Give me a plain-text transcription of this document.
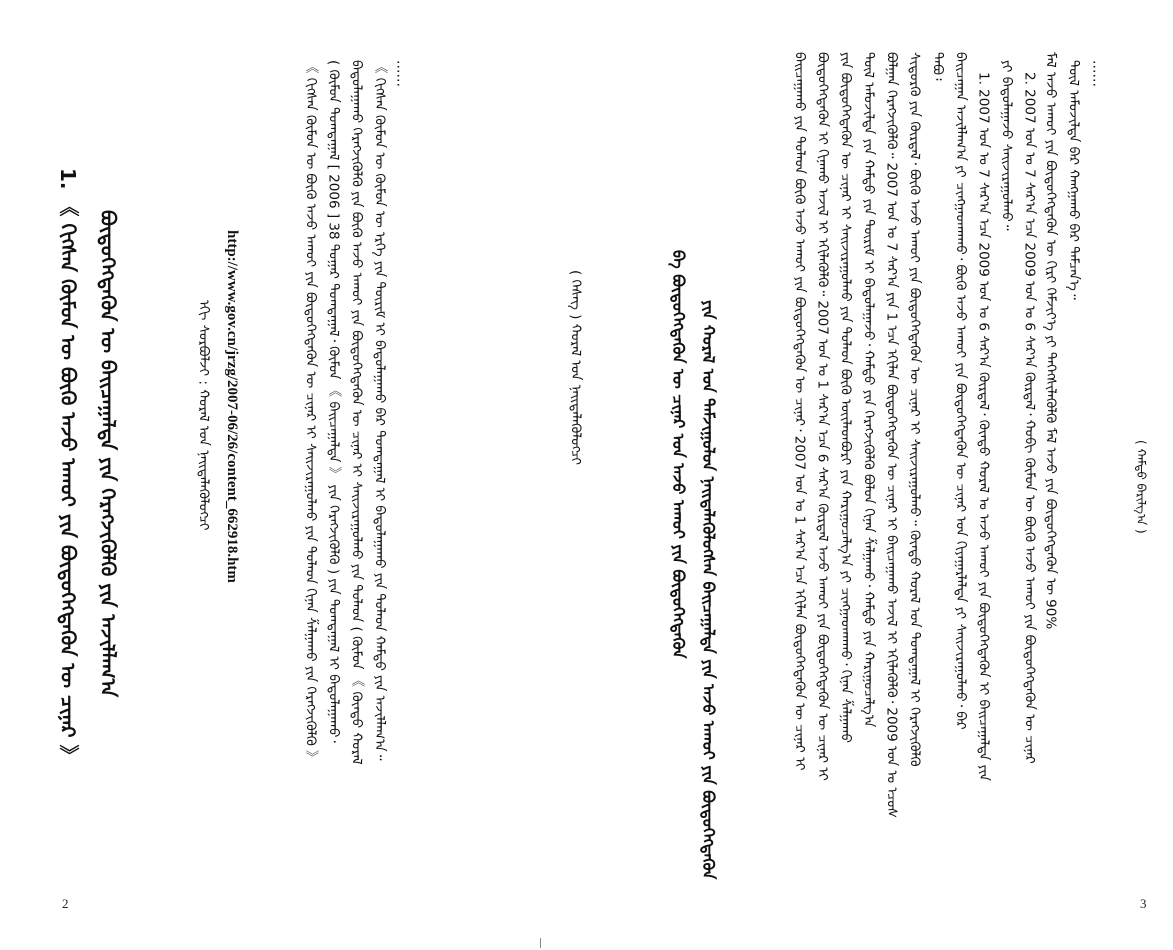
( ᠬᠠᠮᠲᠤ ᠪᠠᠷᠢᠯᠭ᠎ᠠ )
……
ᠲᠦᠯ ᠠᠮᠤᠵᠢᠯᠲᠠ ᠪᠡᠷ ᠬᠠᠩᠭᠠᠬᠤ ᠪᠡᠷ ᠲᠡᠮᠴᠡᠨ᠎ᠡ᠃
ᠮᠠᠯ ᠠᠵᠤ ᠠᠬᠤᠢ ᠶᠢᠨ ᠪᠦᠲᠦᠭᠡᠭᠳᠡᠬᠦᠨ ᠦ ᠬᠢᠷᠢ ᠬᠡᠮᠵᠢᠶ᠎ᠡ ᠶᠢ ᠳᠡᠭᠡᠭᠰᠢᠯᠡᠭᠦᠯᠬᠦ ᠮᠠᠯ ᠠᠵᠤ ᠶᠢᠨ ᠪᠦᠲᠦᠭᠡᠭᠳᠡᠬᠦᠨ ᠦ 90%
2. 2007 ᠣᠨ ᠤ 7 ᠰᠠᠷ᠎ᠠ ᠡᠴᠡ 2009 ᠣᠨ ᠤ 6 ᠰᠠᠷ᠎ᠠ ᠬᠦᠷᠲᠡᠯ᠂ ᠬᠤᠪᠢ ᠬᠦᠮᠦᠨ ᠦ ᠪᠦᠬᠦ ᠠᠵᠤ ᠠᠬᠤᠢ ᠶᠢᠨ ᠪᠦᠲᠦᠭᠡᠭᠳᠡᠬᠦᠨ ᠦ ᠴᠢᠨᠠᠷ
ᠶᠢ ᠪᠠᠲᠤᠯᠠᠭᠠᠵᠤ ᠰᠠᠢᠵᠢᠷᠠᠭᠤᠯᠬᠤ᠃
1. 2007 ᠣᠨ ᠤ 7 ᠰᠠᠷ᠎ᠠ ᠡᠴᠡ 2009 ᠣᠨ ᠤ 6 ᠰᠠᠷ᠎ᠠ ᠬᠦᠷᠲᠡᠯ᠂ ᠬᠦᠨᠳᠦ ᠬᠤᠷᠠᠯ ᠤ ᠠᠵᠤ ᠠᠬᠤᠢ ᠶᠢᠨ ᠪᠦᠲᠦᠭᠡᠭᠳᠡᠬᠦᠨ ᠢ ᠪᠠᠢᠴᠠᠭᠠᠯᠲᠠ ᠶᠢᠨ
ᠪᠠᠢᠴᠠᠭᠠᠨ ᠠᠵᠢᠯᠯᠠᠭ᠎ᠠ ᠶᠢ ᠴᠢᠩᠭᠠᠳᠬᠠᠬᠤ᠂ ᠪᠦᠬᠦ ᠠᠵᠤ ᠠᠬᠤᠢ ᠶᠢᠨ ᠪᠦᠲᠦᠭᠡᠭᠳᠡᠬᠦᠨ ᠦ ᠴᠢᠨᠠᠷ ᠤᠨ ᠬᠢᠶᠠᠭᠠᠷᠯᠠᠯᠲᠠ ᠶᠢ ᠰᠠᠢᠵᠢᠷᠠᠭᠤᠯᠬᠤ᠂ ᠪᠠᠷ
ᠲᠠᠪᠤ᠄
ᠰᠢᠳᠦᠷᠬᠦ ᠶᠢᠨ ᠬᠦᠷᠲᠡᠯ᠂ ᠪᠦᠬᠦ ᠠᠵᠤ ᠠᠬᠤᠢ ᠶᠢᠨ ᠪᠦᠲᠦᠭᠡᠭᠳᠡᠬᠦᠨ ᠦ ᠴᠢᠨᠠᠷ ᠢ ᠰᠠᠢᠵᠢᠷᠠᠭᠤᠯᠬᠤ᠃ ᠬᠦᠨᠳᠦ ᠬᠤᠷᠠᠯ ᠤᠨ ᠲᠤᠭᠳᠠᠭᠠᠯ ᠢ ᠬᠡᠷᠡᠭᠵᠢᠭᠦᠯᠬᠦ
ᠪᠣᠯᠭᠠᠨ ᠬᠡᠷᠡᠭᠵᠢᠭᠦᠯᠬᠦ᠃ 2007 ᠣᠨ ᠤ 7 ᠰᠠᠷ᠎ᠠ ᠶᠢᠨ 1 ᠡᠴᠡ ᠡᠬᠢᠯᠡᠨ ᠪᠦᠲᠦᠭᠡᠭᠳᠡᠬᠦᠨ ᠦ ᠴᠢᠨᠠᠷ ᠢ ᠪᠠᠢᠴᠠᠭᠠᠬᠤ ᠠᠵᠢᠯ ᠢ ᠡᠬᠢᠯᠡᠭᠦᠯᠬᠦ᠂ 2009 ᠣᠨ ᠤ ᠡᠴᠦᠰ
ᠲᠦᠯ ᠠᠮᠤᠵᠢᠯᠲᠠ ᠶᠢᠨ ᠬᠠᠮᠲᠤ ᠶᠢᠨ ᠳᠦᠷᠢᠮ ᠢ ᠪᠠᠲᠤᠯᠠᠭᠠᠵᠤ᠂ ᠬᠠᠮᠲᠤ ᠶᠢᠨ ᠬᠡᠷᠡᠭᠵᠢᠭᠦᠯᠬᠦ ᠪᠤᠯᠤᠨ ᠬᠢᠨᠠᠨ ᠱᠠᠯᠭᠠᠬᠤ᠂ ᠬᠠᠮᠲᠤ ᠶᠢᠨ ᠬᠠᠷᠢᠭᠤᠴᠠᠯᠭ᠎ᠠ
ᠶᠢᠨ ᠪᠦᠲᠦᠭᠡᠭᠳᠡᠬᠦᠨ ᠦ ᠴᠢᠨᠠᠷ ᠢ ᠰᠠᠢᠵᠢᠷᠠᠭᠤᠯᠬᠤ ᠶᠢᠨ ᠲᠤᠯᠠᠳ ᠪᠦᠬᠦ ᠦᠢᠯᠡᠳᠪᠦᠷᠢ ᠶᠢᠨ ᠬᠠᠷᠢᠭᠤᠴᠠᠯᠭ᠎ᠠ ᠶᠢ ᠴᠢᠩᠭᠠᠳᠬᠠᠬᠤ᠂ ᠬᠢᠨᠠᠨ ᠱᠠᠯᠭᠠᠬᠤ
ᠪᠦᠲᠦᠭᠡᠭᠳᠡᠬᠦᠨ ᠢ ᠬᠢᠨᠠᠬᠤ ᠠᠵᠢᠯ ᠢ ᠡᠬᠢᠯᠡᠭᠦᠯᠬᠦ᠃ 2007 ᠣᠨ ᠤ 1 ᠰᠠᠷ᠎ᠠ ᠡᠴᠡ 6 ᠰᠠᠷ᠎ᠠ ᠬᠦᠷᠲᠡᠯ ᠠᠵᠤ ᠠᠬᠤᠢ ᠶᠢᠨ ᠪᠦᠲᠦᠭᠡᠭᠳᠡᠬᠦᠨ ᠦ ᠴᠢᠨᠠᠷ ᠢ
ᠪᠠᠢᠴᠠᠭᠠᠬᠤ ᠶᠢᠨ ᠲᠤᠯᠠᠳ ᠪᠦᠬᠦ ᠠᠵᠤ ᠠᠬᠤᠢ ᠶᠢᠨ ᠪᠦᠲᠦᠭᠡᠭᠳᠡᠬᠦᠨ ᠦ ᠴᠢᠨᠠᠷ᠂ 2007 ᠣᠨ ᠤ 1 ᠰᠠᠷ᠎ᠠ ᠡᠴᠡ ᠡᠬᠢᠯᠡᠨ ᠪᠦᠲᠦᠭᠡᠭᠳᠡᠬᠦᠨ ᠦ ᠴᠢᠨᠠᠷ ᠢ
3
ᠶᠢᠨ ᠬᠤᠷᠠᠯ ᠤᠨ ᠳᠠᠮᠵᠢᠭᠤᠯᠤᠨ ᠨᠡᠢᠲᠡᠯᠡᠭᠦᠯᠦᠭᠰᠡᠨ ᠪᠠᠢᠴᠠᠭᠠᠯᠲᠠ ᠶᠢᠨ ᠠᠵᠤ ᠠᠬᠤᠢ ᠶᠢᠨ ᠪᠦᠲᠦᠭᠡᠭᠳᠡᠬᠦᠨ
ᠪᠠ ᠪᠦᠲᠦᠭᠡᠭᠳᠡᠬᠦᠨ ᠦ ᠴᠢᠨᠠᠷ ᠤᠨ ᠠᠵᠤ ᠠᠬᠤᠢ ᠶᠢᠨ ᠪᠦᠲᠦᠭᠡᠭᠳᠡᠬᠦᠨ
( ᠬᠡᠰᠡᠭ ) ᠬᠤᠷᠠᠯ ᠤᠨ ᠨᠡᠢᠲᠡᠯᠡᠭᠦᠯᠦᠭᠴᠢ
……
《 ᠬᠢᠭᠰᠡᠨ ᠬᠦᠮᠦᠨ ᠦ ᠬᠦᠮᠦᠨ ᠦ ᠡᠷᠬᠡ ᠶᠢᠨ ᠳᠦᠷᠢᠮ ᠢ ᠪᠠᠲᠤᠯᠠᠭᠠᠬᠤ ᠪᠠᠷ ᠲᠤᠭᠳᠠᠭᠠᠯ ᠢ ᠪᠠᠲᠤᠯᠠᠭᠠᠬᠤ ᠶᠢᠨ ᠲᠤᠯᠠᠳ ᠬᠠᠮᠲᠤ ᠶᠢᠨ ᠠᠵᠢᠯᠯᠠᠭ᠎ᠠ᠃
ᠪᠠᠲᠤᠯᠠᠭᠠᠬᠤ ᠬᠡᠷᠡᠭᠵᠢᠭᠦᠯᠬᠦ ᠶᠢᠨ ᠪᠦᠬᠦ ᠠᠵᠤ ᠠᠬᠤᠢ ᠶᠢᠨ ᠪᠦᠲᠦᠭᠡᠭᠳᠡᠬᠦᠨ ᠦ ᠴᠢᠨᠠᠷ ᠢ ᠰᠠᠢᠵᠢᠷᠠᠭᠤᠯᠬᠤ ᠶᠢᠨ ᠲᠤᠯᠠᠳ ( ᠬᠦᠮᠦᠨ 《 ᠬᠦᠨᠳᠦ ᠬᠤᠷᠠᠯ
( ᠬᠦᠮᠦᠨ ᠲᠤᠭᠳᠠᠭᠠᠯ [ 2006 ] 38 ᠳᠤᠭᠠᠷ ᠲᠤᠭᠳᠠᠭᠠᠯ᠂ ᠬᠦᠮᠦᠨ 《 ᠪᠠᠢᠴᠠᠭᠠᠯᠲᠠ 》 ᠶᠢᠨ ᠬᠡᠷᠡᠭᠵᠢᠭᠦᠯᠬᠦ ) ᠶᠢᠨ ᠲᠤᠭᠳᠠᠭᠠᠯ ᠢ ᠪᠠᠲᠤᠯᠠᠭᠠᠬᠤ᠂
《 ᠬᠢᠭᠰᠡᠨ ᠬᠦᠮᠦᠨ ᠦ ᠪᠦᠬᠦ ᠠᠵᠤ ᠠᠬᠤᠢ ᠶᠢᠨ ᠪᠦᠲᠦᠭᠡᠭᠳᠡᠬᠦᠨ ᠦ ᠴᠢᠨᠠᠷ ᠢ ᠰᠠᠢᠵᠢᠷᠠᠭᠤᠯᠬᠤ ᠶᠢᠨ ᠲᠤᠯᠠᠳ ᠬᠢᠨᠠᠨ ᠱᠠᠯᠭᠠᠬᠤ ᠶᠢᠨ ᠬᠡᠷᠡᠭᠵᠢᠭᠦᠯᠬᠦ 》
http://www.gov.cn/jrzg/2007-06/26/content_662918.htm
ᠡᠬᠢ ᠰᠤᠷᠪᠤᠯᠵᠢ : ᠬᠤᠷᠠᠯ ᠤᠨ ᠨᠡᠢᠲᠡᠯᠡᠭᠦᠯᠦᠭᠴᠢ
1. 《 ᠬᠢᠭᠰᠡᠨ ᠬᠦᠮᠦᠨ ᠦ ᠪᠦᠬᠦ ᠠᠵᠤ ᠠᠬᠤᠢ ᠶᠢᠨ ᠪᠦᠲᠦᠭᠡᠭᠳᠡᠬᠦᠨ ᠦ ᠴᠢᠨᠠᠷ 》 ᠪᠦᠲᠦᠭᠡᠭᠳᠡᠬᠦᠨ ᠦ ᠪᠠᠢᠴᠠᠭᠠᠯᠲᠠ ᠶᠢᠨ ᠬᠡᠷᠡᠭᠵᠢᠭᠦᠯᠬᠦ ᠶᠢᠨ ᠠᠵᠢᠯᠯᠠᠭ᠎ᠠ
2
